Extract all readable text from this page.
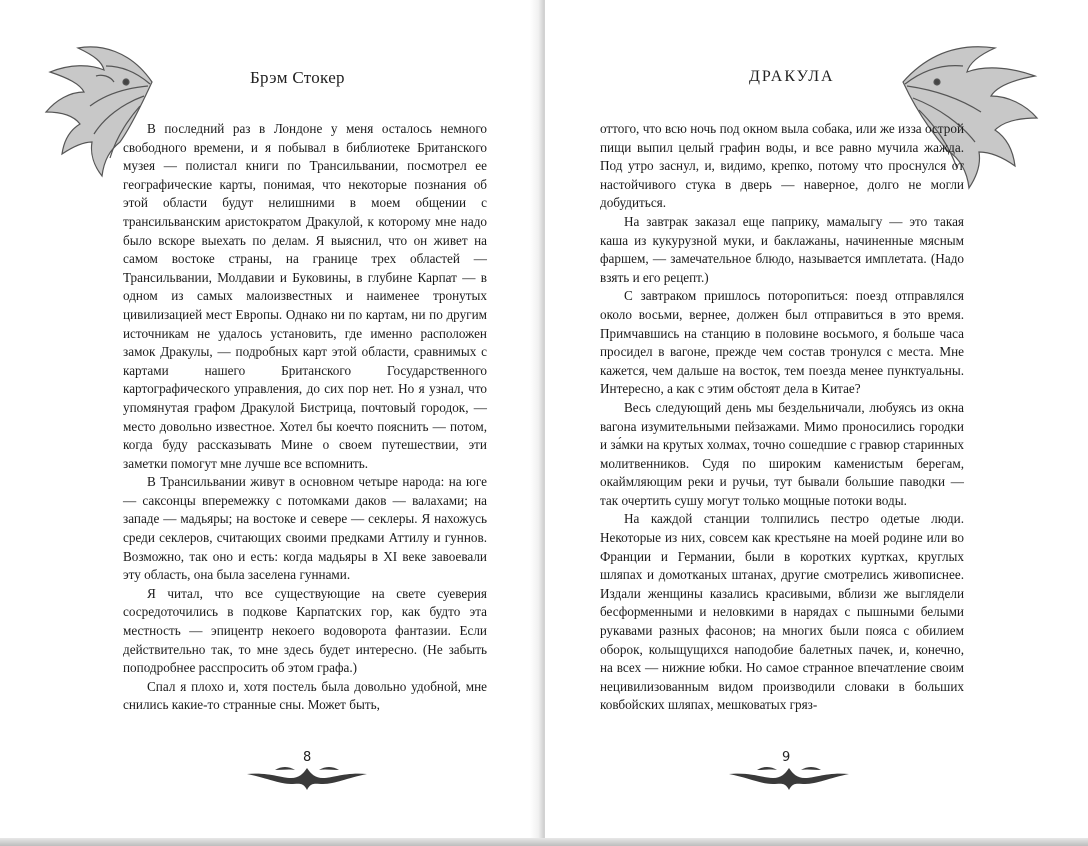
Брэм Стокер

В последний раз в Лондоне у меня осталось немного свободного времени, и я побывал в библиотеке Британского музея — полистал книги по Трансильвании, посмотрел ее географические карты, понимая, что некоторые познания об этой области будут нелишними в моем общении с трансильванским аристократом Дракулой, к которому мне надо было вскоре выехать по делам. Я выяснил, что он живет на самом востоке страны, на границе трех областей — Трансильвании, Молдавии и Буковины, в глубине Карпат — в одном из самых малоизвестных и наименее тронутых цивилизацией мест Европы. Однако ни по картам, ни по другим источникам не удалось установить, где именно расположен замок Дракулы, — подробных карт этой области, сравнимых с картами нашего Британского Государственного картографического управления, до сих пор нет. Но я узнал, что упомянутая графом Дракулой Бистрица, почтовый городок, — место довольно известное. Хотел бы коечто пояснить — потом, когда буду рассказывать Мине о своем путешествии, эти заметки помогут мне лучше все вспомнить.

В Трансильвании живут в основном четыре народа: на юге — саксонцы вперемежку с потомками даков — валахами; на западе — мадьяры; на востоке и севере — секлеры. Я нахожусь среди секлеров, считающих своими предками Аттилу и гуннов. Возможно, так оно и есть: когда мадьяры в XI веке завоевали эту область, она была заселена гуннами.

Я читал, что все существующие на свете суеверия сосредоточились в подкове Карпатских гор, как будто эта местность — эпицентр некоего водоворота фантазии. Если действительно так, то мне здесь будет интересно. (Не забыть поподробнее расспросить об этом графа.)

Спал я плохо и, хотя постель была довольно удобной, мне снились какие-то странные сны. Может быть,

8
ДРАКУЛА

оттого, что всю ночь под окном выла собака, или же изза острой пищи выпил целый графин воды, и все равно мучила жажда. Под утро заснул, и, видимо, крепко, потому что проснулся от настойчивого стука в дверь — наверное, долго не могли добудиться.

На завтрак заказал еще паприку, мамалыгу — это такая каша из кукурузной муки, и баклажаны, начиненные мясным фаршем, — замечательное блюдо, называется имплетата. (Надо взять и его рецепт.)

С завтраком пришлось поторопиться: поезд отправлялся около восьми, вернее, должен был отправиться в это время. Примчавшись на станцию в половине восьмого, я больше часа просидел в вагоне, прежде чем состав тронулся с места. Мне кажется, чем дальше на восток, тем поезда менее пунктуальны. Интересно, а как с этим обстоят дела в Китае?

Весь следующий день мы бездельничали, любуясь из окна вагона изумительными пейзажами. Мимо проносились городки и за́мки на крутых холмах, точно сошедшие с гравюр старинных молитвенников. Судя по широким каменистым берегам, окаймляющим реки и ручьи, тут бывали большие паводки — так очертить сушу могут только мощные потоки воды.

На каждой станции толпились пестро одетые люди. Некоторые из них, совсем как крестьяне на моей родине или во Франции и Германии, были в коротких куртках, круглых шляпах и домотканых штанах, другие смотрелись живописнее. Издали женщины казались красивыми, вблизи же выглядели бесформенными и неловкими в нарядах с пышными белыми рукавами разных фасонов; на многих были пояса с обилием оборок, колыщущихся наподобие балетных пачек, и, конечно, на всех — нижние юбки. Но самое странное впечатление своим нецивилизованным видом производили словаки в больших ковбойских шляпах, мешковатых гряз-

9
